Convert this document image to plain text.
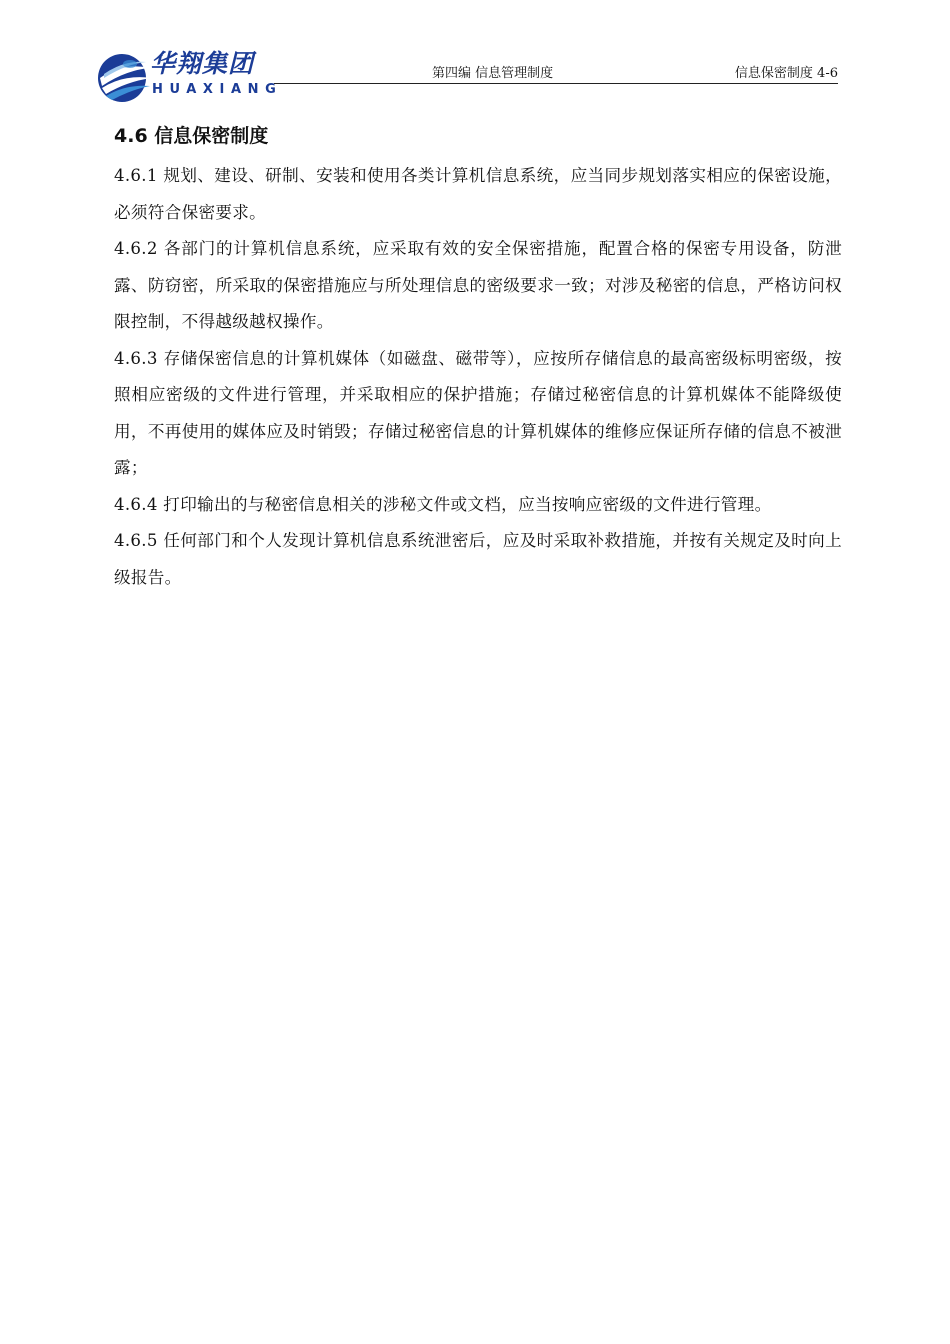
华翔集团
HUAXIANG
第四编 信息管理制度	信息保密制度 4-6
4.6 信息保密制度

4.6.1 规划、建设、研制、安装和使用各类计算机信息系统，应当同步规划落实相应的保密设施，必须符合保密要求。

4.6.2 各部门的计算机信息系统，应采取有效的安全保密措施，配置合格的保密专用设备，防泄露、防窃密，所采取的保密措施应与所处理信息的密级要求一致；对涉及秘密的信息，严格访问权限控制，不得越级越权操作。

4.6.3 存储保密信息的计算机媒体（如磁盘、磁带等），应按所存储信息的最高密级标明密级，按照相应密级的文件进行管理，并采取相应的保护措施；存储过秘密信息的计算机媒体不能降级使用，不再使用的媒体应及时销毁；存储过秘密信息的计算机媒体的维修应保证所存储的信息不被泄露；

4.6.4 打印输出的与秘密信息相关的涉秘文件或文档，应当按响应密级的文件进行管理。

4.6.5 任何部门和个人发现计算机信息系统泄密后，应及时采取补救措施，并按有关规定及时向上级报告。
